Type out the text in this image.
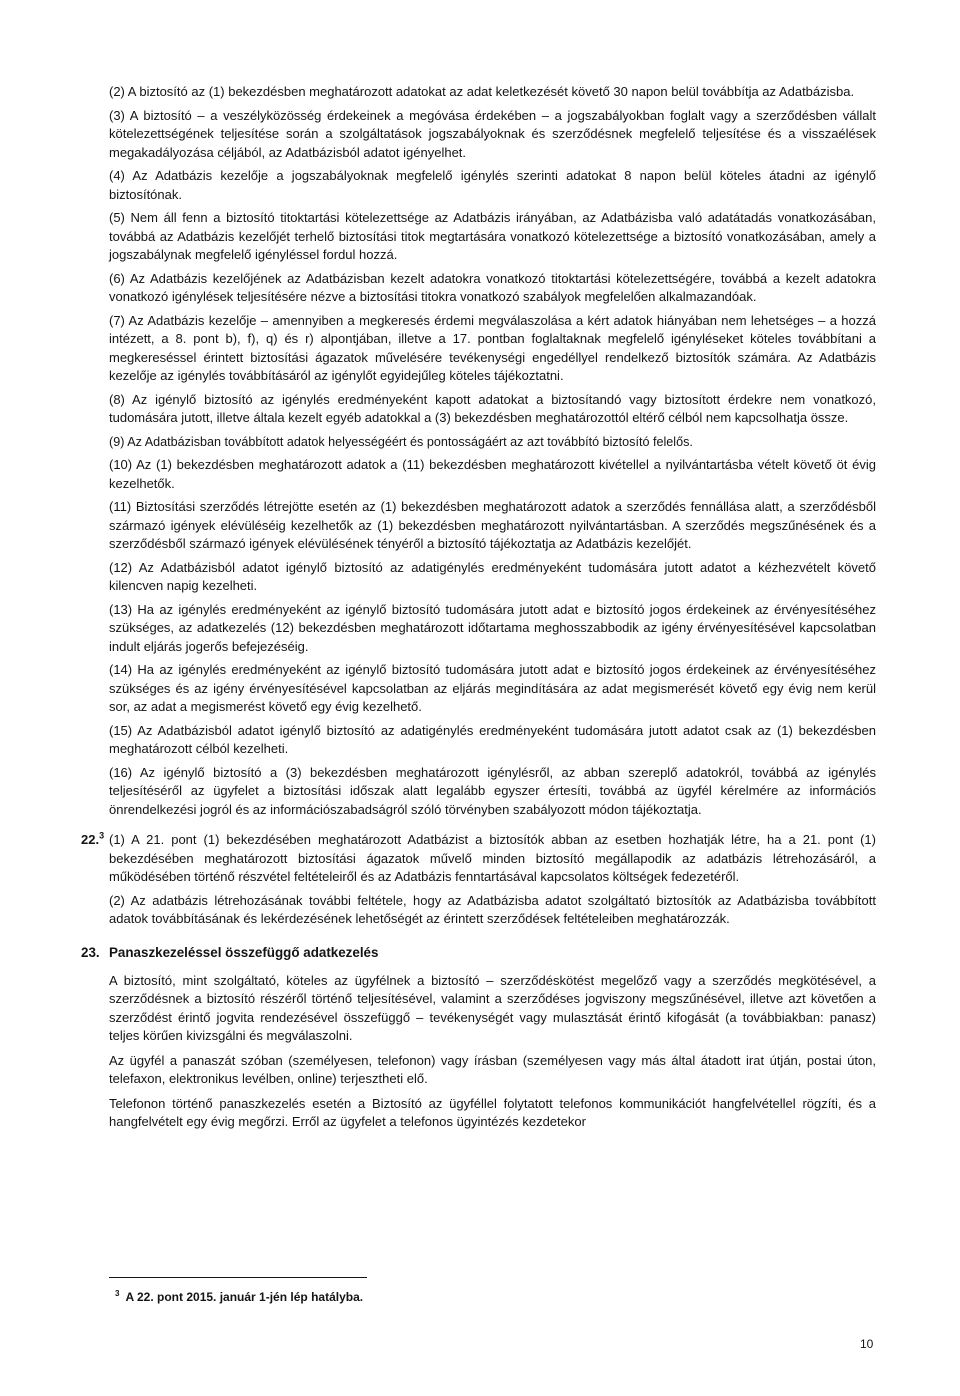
(2) A biztosító az (1) bekezdésben meghatározott adatokat az adat keletkezését követő 30 napon belül továbbítja az Adatbázisba.

(3) A biztosító – a veszélyközösség érdekeinek a megóvása érdekében – a jogszabályokban foglalt vagy a szerződésben vállalt kötelezettségének teljesítése során a szolgáltatások jogszabályoknak és szerződésnek megfelelő teljesítése és a visszaélések megakadályozása céljából, az Adatbázisból adatot igényelhet.

(4) Az Adatbázis kezelője a jogszabályoknak megfelelő igénylés szerinti adatokat 8 napon belül köteles átadni az igénylő biztosítónak.

(5) Nem áll fenn a biztosító titoktartási kötelezettsége az Adatbázis irányában, az Adatbázisba való adatátadás vonatkozásában, továbbá az Adatbázis kezelőjét terhelő biztosítási titok megtartására vonatkozó kötelezettsége a biztosító vonatkozásában, amely a jogszabálynak megfelelő igényléssel fordul hozzá.

(6) Az Adatbázis kezelőjének az Adatbázisban kezelt adatokra vonatkozó titoktartási kötelezettségére, továbbá a kezelt adatokra vonatkozó igénylések teljesítésére nézve a biztosítási titokra vonatkozó szabályok megfelelően alkalmazandóak.

(7) Az Adatbázis kezelője – amennyiben a megkeresés érdemi megválaszolása a kért adatok hiányában nem lehetséges – a hozzá intézett, a 8. pont b), f), q) és r) alpontjában, illetve a 17. pontban foglaltaknak megfelelő igényléseket köteles továbbítani a megkereséssel érintett biztosítási ágazatok művelésére tevékenységi engedéllyel rendelkező biztosítók számára. Az Adatbázis kezelője az igénylés továbbításáról az igénylőt egyidejűleg köteles tájékoztatni.

(8) Az igénylő biztosító az igénylés eredményeként kapott adatokat a biztosítandó vagy biztosított érdekre nem vonatkozó, tudomására jutott, illetve általa kezelt egyéb adatokkal a (3) bekezdésben meghatározottól eltérő célból nem kapcsolhatja össze.

(9) Az Adatbázisban továbbított adatok helyességéért és pontosságáért az azt továbbító biztosító felelős.

(10) Az (1) bekezdésben meghatározott adatok a (11) bekezdésben meghatározott kivétellel a nyilvántartásba vételt követő öt évig kezelhetők.

(11) Biztosítási szerződés létrejötte esetén az (1) bekezdésben meghatározott adatok a szerződés fennállása alatt, a szerződésből származó igények elévüléséig kezelhetők az (1) bekezdésben meghatározott nyilvántartásban. A szerződés megszűnésének és a szerződésből származó igények elévülésének tényéről a biztosító tájékoztatja az Adatbázis kezelőjét.

(12) Az Adatbázisból adatot igénylő biztosító az adatigénylés eredményeként tudomására jutott adatot a kézhezvételt követő kilencven napig kezelheti.

(13) Ha az igénylés eredményeként az igénylő biztosító tudomására jutott adat e biztosító jogos érdekeinek az érvényesítéséhez szükséges, az adatkezelés (12) bekezdésben meghatározott időtartama meghosszabbodik az igény érvényesítésével kapcsolatban indult eljárás jogerős befejezéséig.

(14) Ha az igénylés eredményeként az igénylő biztosító tudomására jutott adat e biztosító jogos érdekeinek az érvényesítéséhez szükséges és az igény érvényesítésével kapcsolatban az eljárás megindítására az adat megismerését követő egy évig nem kerül sor, az adat a megismerést követő egy évig kezelhető.

(15) Az Adatbázisból adatot igénylő biztosító az adatigénylés eredményeként tudomására jutott adatot csak az (1) bekezdésben meghatározott célból kezelheti.

(16) Az igénylő biztosító a (3) bekezdésben meghatározott igénylésről, az abban szereplő adatokról, továbbá az igénylés teljesítéséről az ügyfelet a biztosítási időszak alatt legalább egyszer értesíti, továbbá az ügyfél kérelmére az információs önrendelkezési jogról és az információszabadságról szóló törvényben szabályozott módon tájékoztatja.

22.$^3$ (1) A 21. pont (1) bekezdésében meghatározott Adatbázist a biztosítók abban az esetben hozhatják létre, ha a 21. pont (1) bekezdésében meghatározott biztosítási ágazatok művelő minden biztosító megállapodik az adatbázis létrehozásáról, a működésében történő részvétel feltételeiről és az Adatbázis fenntartásával kapcsolatos költségek fedezetéről.

(2) Az adatbázis létrehozásának további feltétele, hogy az Adatbázisba adatot szolgáltató biztosítók az Adatbázisba továbbított adatok továbbításának és lekérdezésének lehetőségét az érintett szerződések feltételeiben meghatározzák.

23. Panaszkezeléssel összefüggő adatkezelés

A biztosító, mint szolgáltató, köteles az ügyfélnek a biztosító – szerződéskötést megelőző vagy a szerződés megkötésével, a szerződésnek a biztosító részéről történő teljesítésével, valamint a szerződéses jogviszony megszűnésével, illetve azt követően a szerződést érintő jogvita rendezésével összefüggő – tevékenységét vagy mulasztását érintő kifogását (a továbbiakban: panasz) teljes körűen kivizsgálni és megválaszolni.

Az ügyfél a panaszát szóban (személyesen, telefonon) vagy írásban (személyesen vagy más által átadott irat útján, postai úton, telefaxon, elektronikus levélben, online) terjesztheti elő.

Telefonon történő panaszkezelés esetén a Biztosító az ügyféllel folytatott telefonos kommunikációt hangfelvétellel rögzíti, és a hangfelvételt egy évig megőrzi. Erről az ügyfelet a telefonos ügyintézés kezdetekor

$^3$ A 22. pont 2015. január 1-jén lép hatályba.
10
